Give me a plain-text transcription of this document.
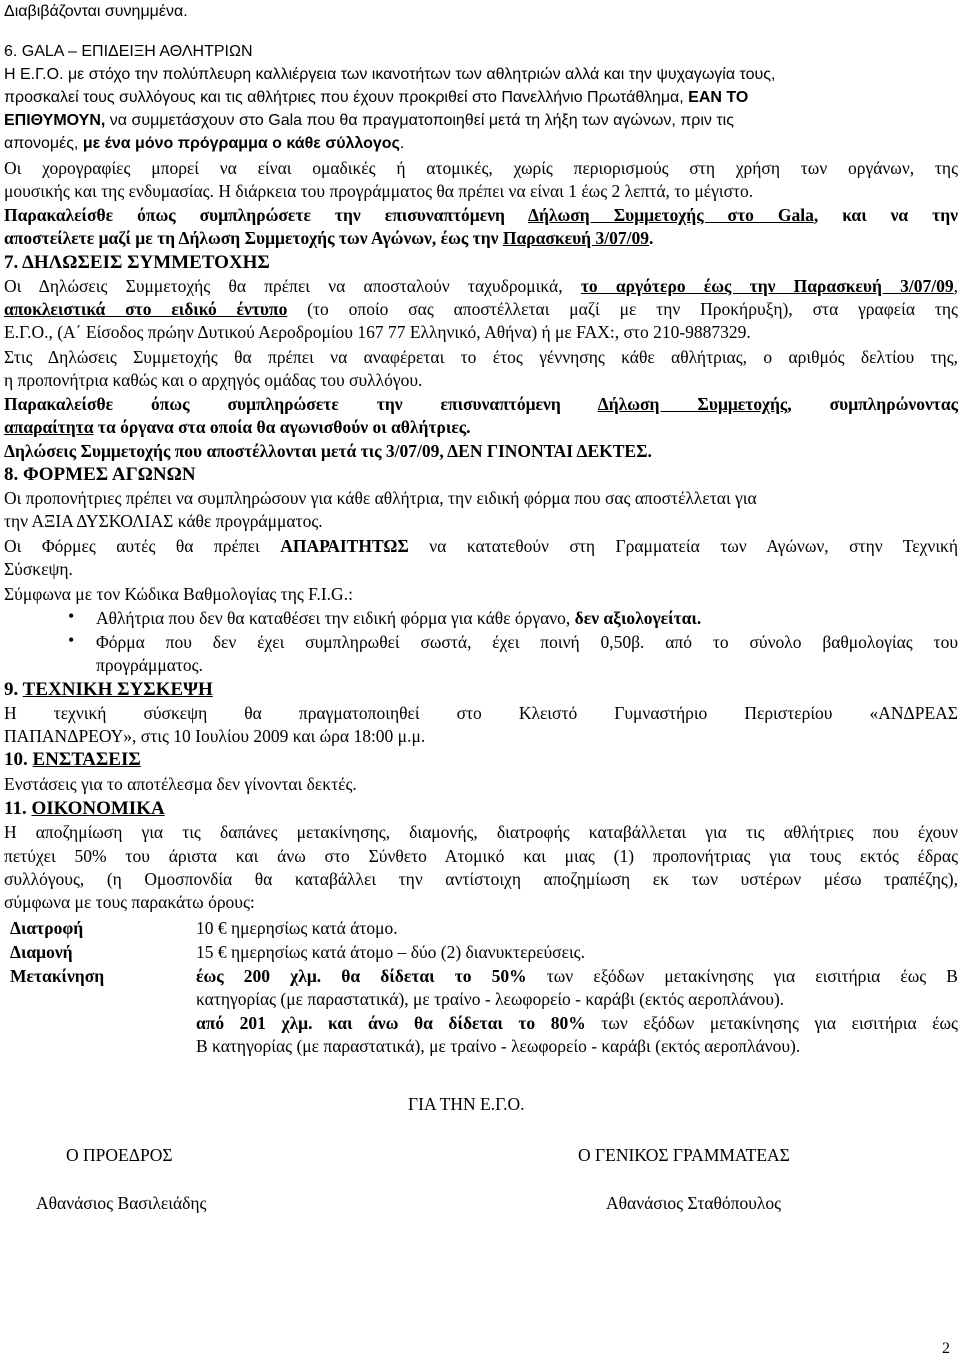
Διαβιβάζονται συνημμένα.
6. GALA – ΕΠΙΔΕΙΞΗ ΑΘΛΗΤΡΙΩΝ
Η Ε.Γ.Ο. με στόχο την πολύπλευρη καλλιέργεια των ικανοτήτων των αθλητριών αλλά και την ψυχαγωγία τους,
προσκαλεί τους συλλόγους και τις αθλήτριες που έχουν προκριθεί στο Πανελλήνιο Πρωτάθλημα, ΕΑΝ ΤΟ
ΕΠΙΘΥΜΟΥΝ, να συμμετάσχουν στο Gala που θα πραγματοποιηθεί μετά τη λήξη των αγώνων, πριν τις
απονομές, με ένα μόνο πρόγραμμα ο κάθε σύλλογος.
Οι χορογραφίες μπορεί να είναι ομαδικές ή ατομικές, χωρίς περιορισμούς στη χρήση των οργάνων, της
μουσικής και της ενδυμασίας. Η διάρκεια του προγράμματος θα πρέπει να είναι 1 έως 2 λεπτά, το μέγιστο.
Παρακαλείσθε όπως συμπληρώσετε την επισυναπτόμενη Δήλωση Συμμετοχής στο Gala, και να την
αποστείλετε μαζί με τη Δήλωση Συμμετοχής των Αγώνων, έως την Παρασκευή 3/07/09.
7. ΔΗΛΩΣΕΙΣ ΣΥΜΜΕΤΟΧΗΣ
Οι Δηλώσεις Συμμετοχής θα πρέπει να αποσταλούν ταχυδρομικά, το αργότερο έως την Παρασκευή 3/07/09,
αποκλειστικά στο ειδικό έντυπο (το οποίο σας αποστέλλεται μαζί με την Προκήρυξη), στα γραφεία της
Ε.Γ.Ο., (Α΄ Είσοδος πρώην Δυτικού Αεροδρομίου 167 77 Ελληνικό, Αθήνα) ή με FAX:, στο 210-9887329.
Στις Δηλώσεις Συμμετοχής θα πρέπει να αναφέρεται το έτος γέννησης κάθε αθλήτριας, ο αριθμός δελτίου της,
η προπονήτρια καθώς και ο αρχηγός ομάδας του συλλόγου.
Παρακαλείσθε όπως συμπληρώσετε την επισυναπτόμενη Δήλωση Συμμετοχής, συμπληρώνοντας
απαραίτητα τα όργανα στα οποία θα αγωνισθούν οι αθλήτριες.
Δηλώσεις Συμμετοχής που αποστέλλονται μετά τις 3/07/09, ΔΕΝ ΓΙΝΟΝΤΑΙ ΔΕΚΤΕΣ.
8. ΦΟΡΜΕΣ ΑΓΩΝΩΝ
Οι προπονήτριες πρέπει να συμπληρώσουν για κάθε αθλήτρια, την ειδική φόρμα που σας αποστέλλεται για
την ΑΞΙΑ ΔΥΣΚΟΛΙΑΣ κάθε προγράμματος.
Οι Φόρμες αυτές θα πρέπει ΑΠΑΡΑΙΤΗΤΩΣ να κατατεθούν στη Γραμματεία των Αγώνων, στην Τεχνική
Σύσκεψη.
Σύμφωνα με τον Κώδικα Βαθμολογίας της F.I.G.:
• Αθλήτρια που δεν θα καταθέσει την ειδική φόρμα για κάθε όργανο, δεν αξιολογείται.
• Φόρμα που δεν έχει συμπληρωθεί σωστά, έχει ποινή 0,50β. από το σύνολο βαθμολογίας του
προγράμματος.
9. ΤΕΧΝΙΚΗ ΣΥΣΚΕΨΗ
Η τεχνική σύσκεψη θα πραγματοποιηθεί στο Κλειστό Γυμναστήριο Περιστερίου «ΑΝΔΡΕΑΣ
ΠΑΠΑΝΔΡΕΟΥ», στις 10 Ιουλίου 2009 και ώρα 18:00 μ.μ.
10. ΕΝΣΤΑΣΕΙΣ
Ενστάσεις για το αποτέλεσμα δεν γίνονται δεκτές.
11. ΟΙΚΟΝΟΜΙΚΑ
Η αποζημίωση για τις δαπάνες μετακίνησης, διαμονής, διατροφής καταβάλλεται για τις αθλήτριες που έχουν
πετύχει 50% του άριστα και άνω στο Σύνθετο Ατομικό και μιας (1) προπονήτριας για τους εκτός έδρας
συλλόγους, (η Ομοσπονδία θα καταβάλλει την αντίστοιχη αποζημίωση εκ των υστέρων μέσω τραπέζης),
σύμφωνα με τους παρακάτω όρους:
Διατροφή	10 € ημερησίως κατά άτομο.
Διαμονή	15 € ημερησίως κατά άτομο – δύο (2) διανυκτερεύσεις.
Μετακίνηση	έως 200 χλμ. θα δίδεται το 50% των εξόδων μετακίνησης για εισιτήρια έως Β
κατηγορίας (με παραστατικά), με τραίνο - λεωφορείο - καράβι (εκτός αεροπλάνου).
από 201 χλμ. και άνω θα δίδεται το 80% των εξόδων μετακίνησης για εισιτήρια έως
Β κατηγορίας (με παραστατικά), με τραίνο - λεωφορείο - καράβι (εκτός αεροπλάνου).
ΓΙΑ ΤΗΝ Ε.Γ.Ο.
Ο ΠΡΟΕΔΡΟΣ	Ο ΓΕΝΙΚΟΣ ΓΡΑΜΜΑΤΕΑΣ
Αθανάσιος Βασιλειάδης	Αθανάσιος Σταθόπουλος
2
